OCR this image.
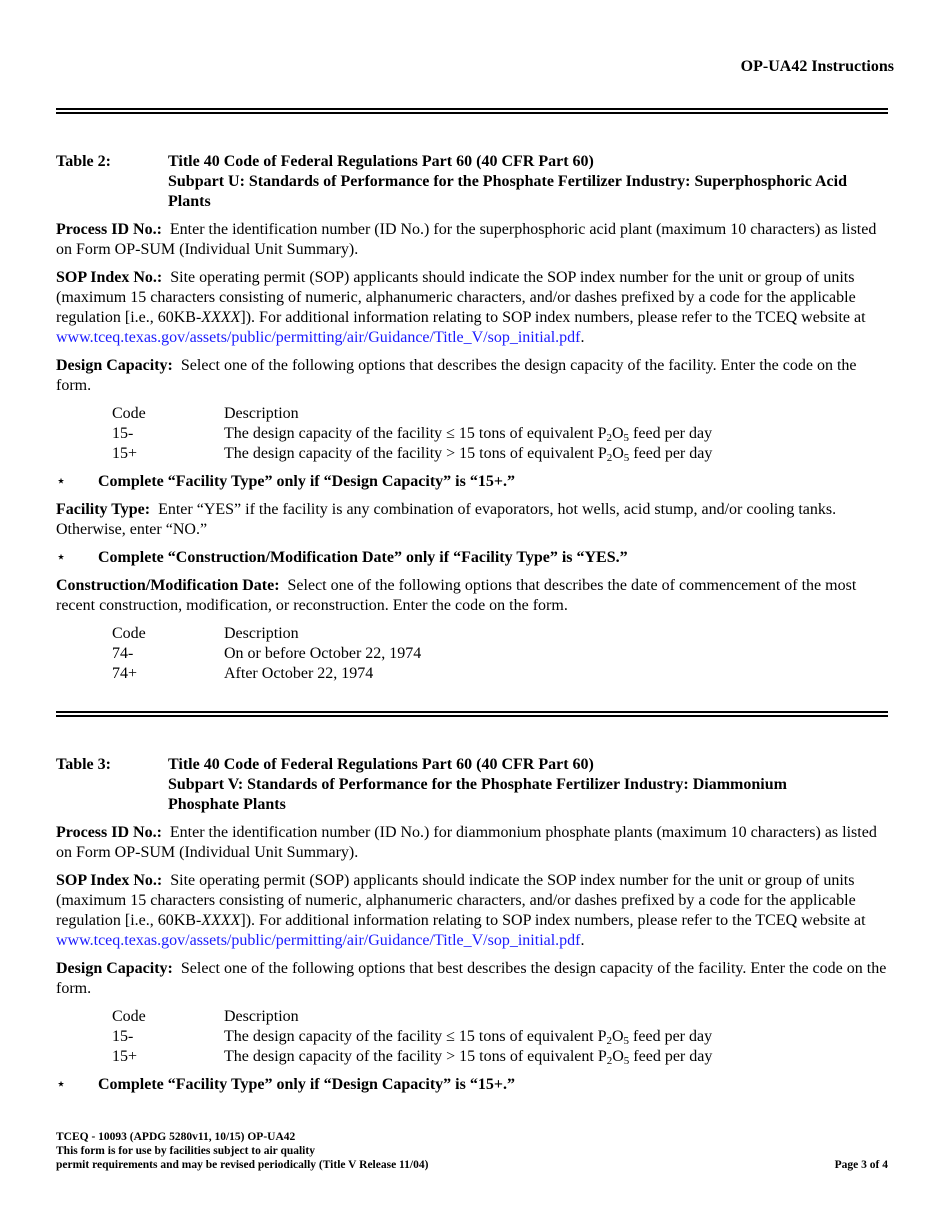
OP-UA42 Instructions
Table 2:	Title 40 Code of Federal Regulations Part 60 (40 CFR Part 60)
Subpart U: Standards of Performance for the Phosphate Fertilizer Industry: Superphosphoric Acid Plants

Process ID No.: Enter the identification number (ID No.) for the superphosphoric acid plant (maximum 10 characters) as listed on Form OP-SUM (Individual Unit Summary).

SOP Index No.: Site operating permit (SOP) applicants should indicate the SOP index number for the unit or group of units (maximum 15 characters consisting of numeric, alphanumeric characters, and/or dashes prefixed by a code for the applicable regulation [i.e., 60KB-XXXX]). For additional information relating to SOP index numbers, please refer to the TCEQ website at www.tceq.texas.gov/assets/public/permitting/air/Guidance/Title_V/sop_initial.pdf.

Design Capacity: Select one of the following options that describes the design capacity of the facility. Enter the code on the form.

Code	Description
15-	The design capacity of the facility ≤ 15 tons of equivalent $P_2O_5$ feed per day
15+	The design capacity of the facility > 15 tons of equivalent $P_2O_5$ feed per day
⋆	Complete “Facility Type” only if “Design Capacity” is “15+.”

Facility Type: Enter “YES” if the facility is any combination of evaporators, hot wells, acid stump, and/or cooling tanks. Otherwise, enter “NO.”

⋆	Complete “Construction/Modification Date” only if “Facility Type” is “YES.”

Construction/Modification Date: Select one of the following options that describes the date of commencement of the most recent construction, modification, or reconstruction. Enter the code on the form.

Code	Description
74-	On or before October 22, 1974
74+	After October 22, 1974
Table 3:	Title 40 Code of Federal Regulations Part 60 (40 CFR Part 60)
Subpart V: Standards of Performance for the Phosphate Fertilizer Industry: Diammonium Phosphate Plants

Process ID No.: Enter the identification number (ID No.) for diammonium phosphate plants (maximum 10 characters) as listed on Form OP-SUM (Individual Unit Summary).

SOP Index No.: Site operating permit (SOP) applicants should indicate the SOP index number for the unit or group of units (maximum 15 characters consisting of numeric, alphanumeric characters, and/or dashes prefixed by a code for the applicable regulation [i.e., 60KB-XXXX]). For additional information relating to SOP index numbers, please refer to the TCEQ website at www.tceq.texas.gov/assets/public/permitting/air/Guidance/Title_V/sop_initial.pdf.

Design Capacity: Select one of the following options that best describes the design capacity of the facility. Enter the code on the form.

Code	Description
15-	The design capacity of the facility ≤ 15 tons of equivalent $P_2O_5$ feed per day
15+	The design capacity of the facility > 15 tons of equivalent $P_2O_5$ feed per day
⋆	Complete “Facility Type” only if “Design Capacity” is “15+.”
TCEQ - 10093 (APDG 5280v11, 10/15) OP-UA42
This form is for use by facilities subject to air quality
permit requirements and may be revised periodically (Title V Release 11/04)	Page 3 of 4
